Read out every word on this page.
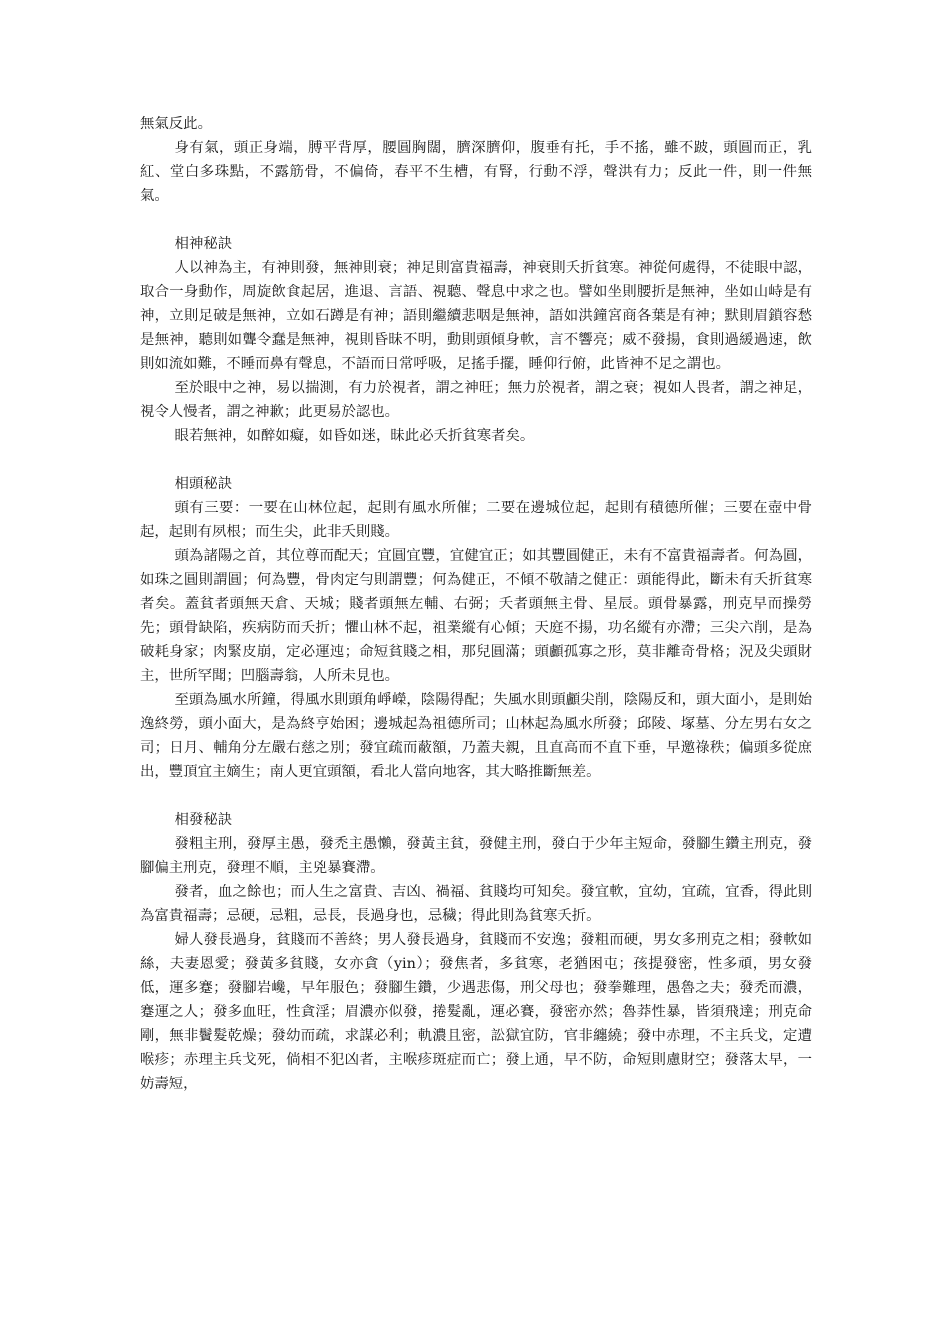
無氣反此。

身有氣，頭正身端，膊平背厚，腰圓胸闊，臍深臍仰，腹垂有托，手不搖，雖不跛，頭圓而正，乳紅、堂白多珠點，不露筋骨，不偏倚，春平不生槽，有腎，行動不浮，聲洪有力；反此一件，則一件無氣。

相神秘訣

人以神為主，有神則發，無神則衰；神足則富貴福壽，神衰則夭折貧寒。神從何處得，不徒眼中認，取合一身動作，周旋飲食起居，進退、言語、視聽、聲息中求之也。譬如坐則腰折是無神，坐如山峙是有神，立則足破是無神，立如石蹲是有神；語則繼續悲咽是無神，語如洪鐘宮商各葉是有神；默則眉鎖容愁是無神，聽則如聾令蠢是無神，視則昏昧不明，動則頭傾身軟，言不響亮；威不發揚，食則過緩過速，飲則如流如難，不睡而鼻有聲息，不語而日常呼吸，足搖手擺，睡仰行俯，此皆神不足之謂也。

至於眼中之神，易以揣測，有力於視者，謂之神旺；無力於視者，謂之衰；視如人畏者，謂之神足，視令人慢者，謂之神歉；此更易於認也。

眼若無神，如醉如癡，如昏如迷，昧此必夭折貧寒者矣。

相頭秘訣

頭有三要：一要在山林位起，起則有風水所催；二要在邊城位起，起則有積德所催；三要在壺中骨起，起則有夙根；而生尖，此非夭則賤。

頭為諸陽之首，其位尊而配天；宜圓宜豐，宜健宜正；如其豐圓健正，未有不富貴福壽者。何為圓，如珠之圓則謂圓；何為豐，骨肉定勻則謂豐；何為健正，不傾不敬請之健正：頭能得此，斷未有夭折貧寒者矣。蓋貧者頭無天倉、天城；賤者頭無左輔、右弼；夭者頭無主骨、星辰。頭骨暴露，刑克早而操勞先；頭骨缺陷，疾病防而夭折；懼山林不起，祖業縱有心傾；天庭不揚，功名縱有亦滯；三尖六削，是為破耗身家；肉緊皮崩，定必運迍；命短貧賤之相，那兒圓滿；頭顱孤寡之形，莫非離奇骨格；況及尖頭財主，世所罕聞；凹腦壽翁，人所未見也。

至頭為風水所鐘，得風水則頭角崢嶸，陰陽得配；失風水則頭顱尖削，陰陽反和，頭大面小，是則始逸終勞，頭小面大，是為終亨始困；邊城起為祖德所司；山林起為風水所發；邱陵、塚墓、分左男右女之司；日月、輔角分左嚴右慈之別；發宜疏而蔽額，乃蓋夫親，且直高而不直下垂，早邀祿秩；偏頭多從庶出，豐頂宜主嫡生；南人更宜頭額，看北人當向地客，其大略推斷無差。

相發秘訣

發粗主刑，發厚主愚，發禿主愚懶，發黃主貧，發健主刑，發白于少年主短命，發腳生鑽主刑克，發腳偏主刑克，發理不順，主兇暴賽滯。

發者，血之餘也；而人生之富貴、吉凶、禍福、貧賤均可知矣。發宜軟，宜幼，宜疏，宜香，得此則為富貴福壽；忌硬，忌粗，忌長，長過身也，忌穢；得此則為貧寒夭折。

婦人發長過身，貧賤而不善終；男人發長過身，貧賤而不安逸；發粗而硬，男女多刑克之相；發軟如絲，夫妻恩愛；發黃多貧賤，女亦貪（yin）；發焦者，多貧寒，老猶困屯；孩提發密，性多頑，男女發低，運多蹇；發腳岩巉，早年服色；發腳生鑽，少遇悲傷，刑父母也；發拳難理，愚魯之夫；發禿而濃，蹇運之人；發多血旺，性貪淫；眉濃亦似發，捲髮亂，運必賽，發密亦然；魯莽性暴，皆須飛達；刑克命剛，無非鬢髮乾燥；發幼而疏，求謀必利；軌濃且密，訟獄宜防，官非纏繞；發中赤理，不主兵戈，定遭喉疹；赤理主兵戈死，倘相不犯凶者，主喉疹斑症而亡；發上通，早不防，命短則慮財空；發落太早，一妨壽短，
